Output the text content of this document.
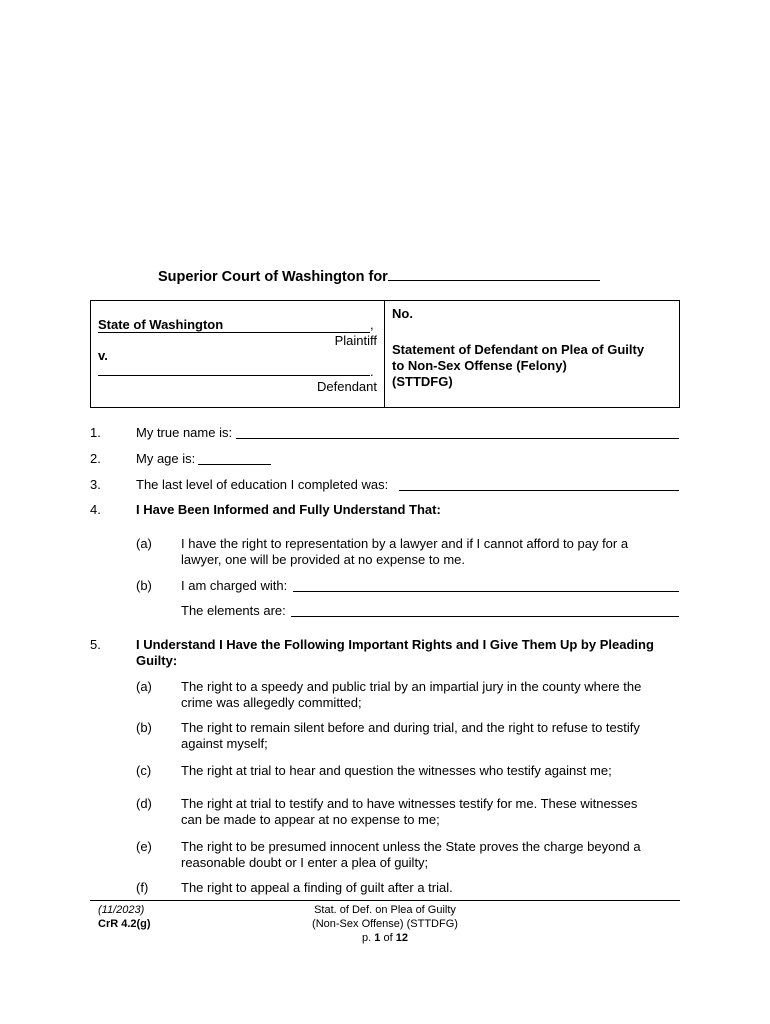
Superior Court of Washington for
State of Washington	,
Plaintiff
v.
.
Defendant
No.
Statement of Defendant on Plea of Guilty
to Non-Sex Offense (Felony)
(STTDFG)
1.	My true name is:
2.	My age is:
3.	The last level of education I completed was:
4.	I Have Been Informed and Fully Understand That:
(a) I have the right to representation by a lawyer and if I cannot afford to pay for a
lawyer, one will be provided at no expense to me.
(b) I am charged with:
The elements are:
5.	I Understand I Have the Following Important Rights and I Give Them Up by Pleading
Guilty:
(a) The right to a speedy and public trial by an impartial jury in the county where the
crime was allegedly committed;
(b) The right to remain silent before and during trial, and the right to refuse to testify
against myself;
(c) The right at trial to hear and question the witnesses who testify against me;
(d) The right at trial to testify and to have witnesses testify for me. These witnesses
can be made to appear at no expense to me;
(e) The right to be presumed innocent unless the State proves the charge beyond a
reasonable doubt or I enter a plea of guilty;
(f)	The right to appeal a finding of guilt after a trial.
(11/2023)
CrR 4.2(g)
Stat. of Def. on Plea of Guilty
(Non-Sex Offense) (STTDFG)
p. 1 of 12
